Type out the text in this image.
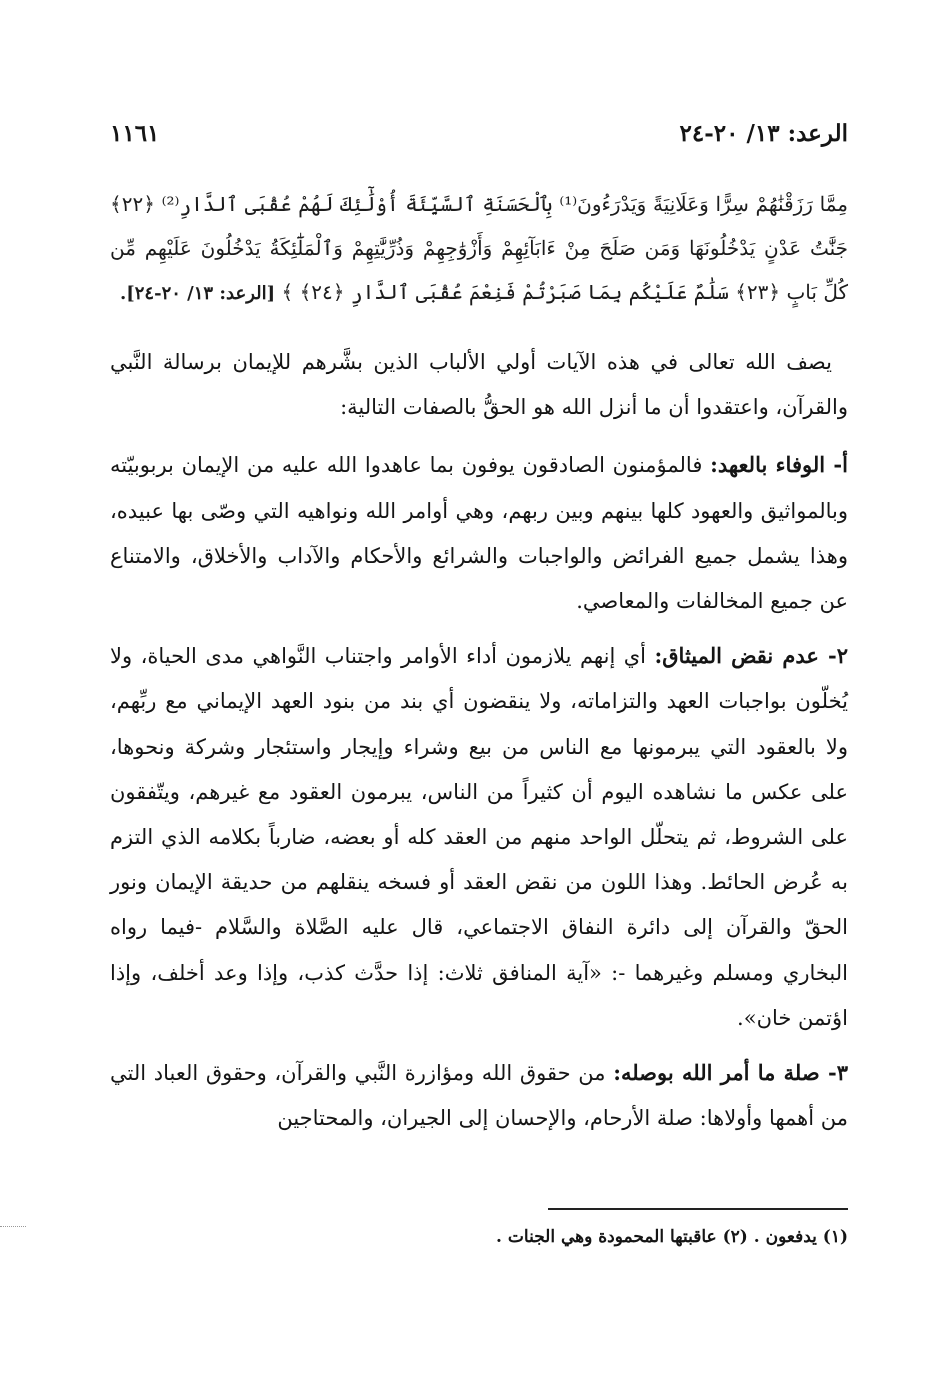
١١٦١	الرعد: ١٣/ ٢٠-٢٤
مِمَّا رَزَقْنَٰهُمْ سِرًّا وَعَلَانِيَةً وَيَدْرَءُونَ⁽¹⁾ بِٱلْحَسَنَةِ ٱلسَّيِّئَةَ أُوْلَٰٓئِكَ لَهُمْ عُقْبَى ٱلدَّارِ⁽²⁾ ﴿٢٢﴾ جَنَّٰتُ عَدْنٍ يَدْخُلُونَهَا وَمَن صَلَحَ مِنْ ءَابَآئِهِمْ وَأَزْوَٰجِهِمْ وَذُرِّيَّٰتِهِمْ وَٱلْمَلَٰٓئِكَةُ يَدْخُلُونَ عَلَيْهِم مِّن كُلِّ بَابٍ ﴿٢٣﴾ سَلَٰمٌ عَلَيْكُم بِمَا صَبَرْتُمْ فَنِعْمَ عُقْبَى ٱلدَّارِ ﴿٢٤﴾ ﴾ [الرعد: ١٣/ ٢٠-٢٤].

يصف الله تعالى في هذه الآيات أولي الألباب الذين بشَّرهم للإيمان برسالة النَّبي والقرآن، واعتقدوا أن ما أنزل الله هو الحقُّ بالصفات التالية:

أ- الوفاء بالعهد: فالمؤمنون الصادقون يوفون بما عاهدوا الله عليه من الإيمان بربوبيّته وبالمواثيق والعهود كلها بينهم وبين ربهم، وهي أوامر الله ونواهيه التي وصّى بها عبيده، وهذا يشمل جميع الفرائض والواجبات والشرائع والأحكام والآداب والأخلاق، والامتناع عن جميع المخالفات والمعاصي.

٢- عدم نقض الميثاق: أي إنهم يلازمون أداء الأوامر واجتناب النَّواهي مدى الحياة، ولا يُخلّون بواجبات العهد والتزاماته، ولا ينقضون أي بند من بنود العهد الإيماني مع ربِّهم، ولا بالعقود التي يبرمونها مع الناس من بيع وشراء وإيجار واستئجار وشركة ونحوها، على عكس ما نشاهده اليوم أن كثيراً من الناس، يبرمون العقود مع غيرهم، ويتّفقون على الشروط، ثم يتحلّل الواحد منهم من العقد كله أو بعضه، ضارباً بكلامه الذي التزم به عُرض الحائط. وهذا اللون من نقض العقد أو فسخه ينقلهم من حديقة الإيمان ونور الحقّ والقرآن إلى دائرة النفاق الاجتماعي، قال عليه الصَّلاة والسَّلام -فيما رواه البخاري ومسلم وغيرهما -: «آية المنافق ثلاث: إذا حدَّث كذب، وإذا وعد أخلف، وإذا اؤتمن خان».

٣- صلة ما أمر الله بوصله: من حقوق الله ومؤازرة النَّبي والقرآن، وحقوق العباد التي من أهمها وأولاها: صلة الأرحام، والإحسان إلى الجيران، والمحتاجين

(١) يدفعون . (٢) عاقبتها المحمودة وهي الجنات .
